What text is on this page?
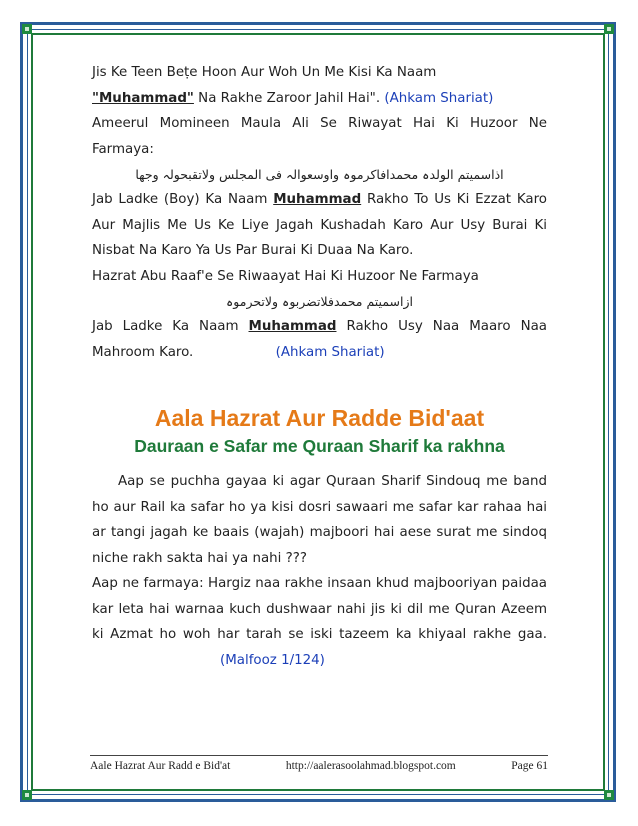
Jis Ke Teen Beṭe Hoon Aur Woh Un Me Kisi Ka Naam
"Muhammad" Na Rakhe Zaroor Jahil Hai". (Ahkam Shariat)

Ameerul Momineen Maula Ali Se Riwayat Hai Ki Huzoor Ne Farmaya:

اذاسمیتم الولدہ محمدافاکرموہ واوسعوالہ فی المجلس ولاتقبحولہ وجھا

Jab Ladke (Boy) Ka Naam Muhammad Rakho To Us Ki Ezzat Karo Aur Majlis Me Us Ke Liye Jagah Kushadah Karo Aur Usy Burai Ki Nisbat Na Karo Ya Us Par Burai Ki Duaa Na Karo.

Hazrat Abu Raaf'e Se Riwaayat Hai Ki Huzoor Ne Farmaya

ازاسمیتم محمدفلاتضربوہ ولاتحرموہ

Jab Ladke Ka Naam Muhammad Rakho Usy Naa Maaro Naa Mahroom Karo.	(Ahkam Shariat)

Aala Hazrat Aur Radde Bid'aat
Dauraan e Safar me Quraan Sharif ka rakhna

Aap se puchha gayaa ki agar Quraan Sharif Sindouq me band ho aur Rail ka safar ho ya kisi dosri sawaari me safar kar rahaa hai ar tangi jagah ke baais (wajah) majboori hai aese surat me sindoq niche rakh sakta hai ya nahi ???

Aap ne farmaya: Hargiz naa rakhe insaan khud majbooriyan paidaa kar leta hai warnaa kuch dushwaar nahi jis ki dil me Quran Azeem ki Azmat ho woh har tarah se iski tazeem ka khiyaal rakhe gaa. (Malfooz 1/124)

Aale Hazrat Aur Radd e Bid'at	http://aalerasoolahmad.blogspot.com	Page 61
